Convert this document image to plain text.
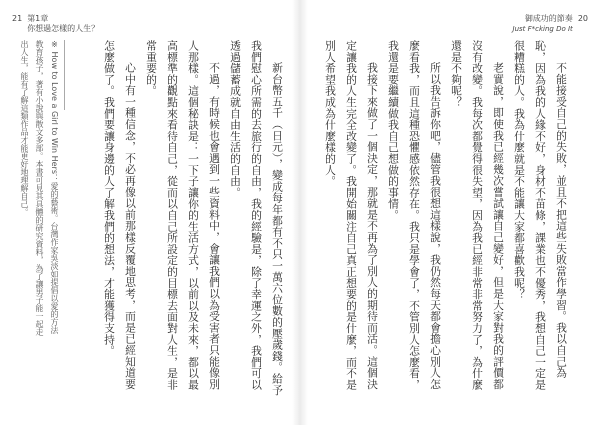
21 第1章
你想過怎樣的人生？
※ How to Love a Girl to Win Hers：愛的藝術。台灣作家吳淡如提倡以愛的方法教育孩子，著有小說與散文多部。本書可見其具體的研究資料，為了讓男子能一起走出人生，能有了解這類作品才能更好地理解自己。	新台幣五千（日元），變成每年都有不只一萬六位數的壓歲錢。給予我們慰心所需的去旅行的自由，我的經驗是，除了幸運之外，我們可以透過儲蓄成就自由生活的自由。

不過，有時候也會遇到一些資料中，會讓我們以為受害者只能像別人那樣。這個秘訣是：一下子讓你的生活方式，以前以及未來，都以最高標準的觀點來看待自己，從而以自己所設定的目標去面對人生，是非常重要的。

心中有一種信念，不必再像以前那樣反覆地思考，而是已經知道要怎麼做了。我們要讓身邊的人了解我們的想法，才能獲得支持。

20
御成功的節奏
Just F*cking Do It

不能接受自己的失敗，並且不把這些失敗當作學習。我以自己為恥，因為我的人緣不好，身材不苗條，課業也不優秀，我想自己一定是很糟糕的人。我為什麼就是不能讓大家都喜歡我呢？

老實說，即使我已經幾次嘗試讓自己變好，但是大家對我的評價都沒有改變。我每次都覺得很失望，因為我已經非常非常努力了，為什麼還是不夠呢？

所以我告訴你吧，儘管我很想這樣說，我仍然每天都會擔心別人怎麼看我，而且這種恐懼感依然存在。我只是學會了，不管別人怎麼看，我還是要繼續做我自己想做的事情。

我接下來做了一個決定，那就是不再為了別人的期待而活。這個決定讓我的人生完全改變了。我開始關注自己真正想要的是什麼，而不是別人希望我成為什麼樣的人。
